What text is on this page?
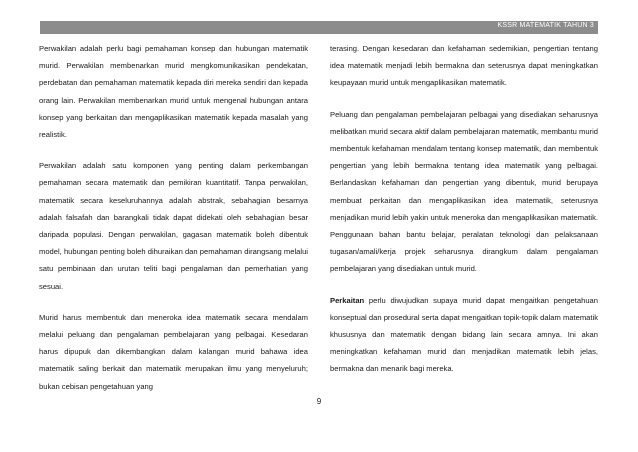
KSSR MATEMATIK TAHUN 3

Perwakilan adalah perlu bagi pemahaman konsep dan hubungan matematik murid. Perwakilan membenarkan murid mengkomunikasikan pendekatan, perdebatan dan pemahaman matematik kepada diri mereka sendiri dan kepada orang lain. Perwakilan membenarkan murid untuk mengenal hubungan antara konsep yang berkaitan dan mengaplikasikan matematik kepada masalah yang realistik.

Perwakilan adalah satu komponen yang penting dalam perkembangan pemahaman secara matematik dan pemikiran kuantitatif. Tanpa perwakilan, matematik secara keseluruhannya adalah abstrak, sebahagian besarnya adalah falsafah dan barangkali tidak dapat didekati oleh sebahagian besar daripada populasi. Dengan perwakilan, gagasan matematik boleh dibentuk model, hubungan penting boleh dihuraikan dan pemahaman dirangsang melalui satu pembinaan dan urutan teliti bagi pengalaman dan pemerhatian yang sesuai.

Murid harus membentuk dan meneroka idea matematik secara mendalam melalui peluang dan pengalaman pembelajaran yang pelbagai. Kesedaran harus dipupuk dan dikembangkan dalam kalangan murid bahawa idea matematik saling berkait dan matematik merupakan ilmu yang menyeluruh; bukan cebisan pengetahuan yang

terasing. Dengan kesedaran dan kefahaman sedemikian, pengertian tentang idea matematik menjadi lebih bermakna dan seterusnya dapat meningkatkan keupayaan murid untuk mengaplikasikan matematik.

Peluang dan pengalaman pembelajaran pelbagai yang disediakan seharusnya melibatkan murid secara aktif dalam pembelajaran matematik, membantu murid membentuk kefahaman mendalam tentang konsep matematik, dan membentuk pengertian yang lebih bermakna tentang idea matematik yang pelbagai. Berlandaskan kefahaman dan pengertian yang dibentuk, murid berupaya membuat perkaitan dan mengaplikasikan idea matematik, seterusnya menjadikan murid lebih yakin untuk meneroka dan mengaplikasikan matematik. Penggunaan bahan bantu belajar, peralatan teknologi dan pelaksanaan tugasan/amali/kerja projek seharusnya dirangkum dalam pengalaman pembelajaran yang disediakan untuk murid.

Perkaitan perlu diwujudkan supaya murid dapat mengaitkan pengetahuan konseptual dan prosedural serta dapat mengaitkan topik-topik dalam matematik khususnya dan matematik dengan bidang lain secara amnya. Ini akan meningkatkan kefahaman murid dan menjadikan matematik lebih jelas, bermakna dan menarik bagi mereka.

9
